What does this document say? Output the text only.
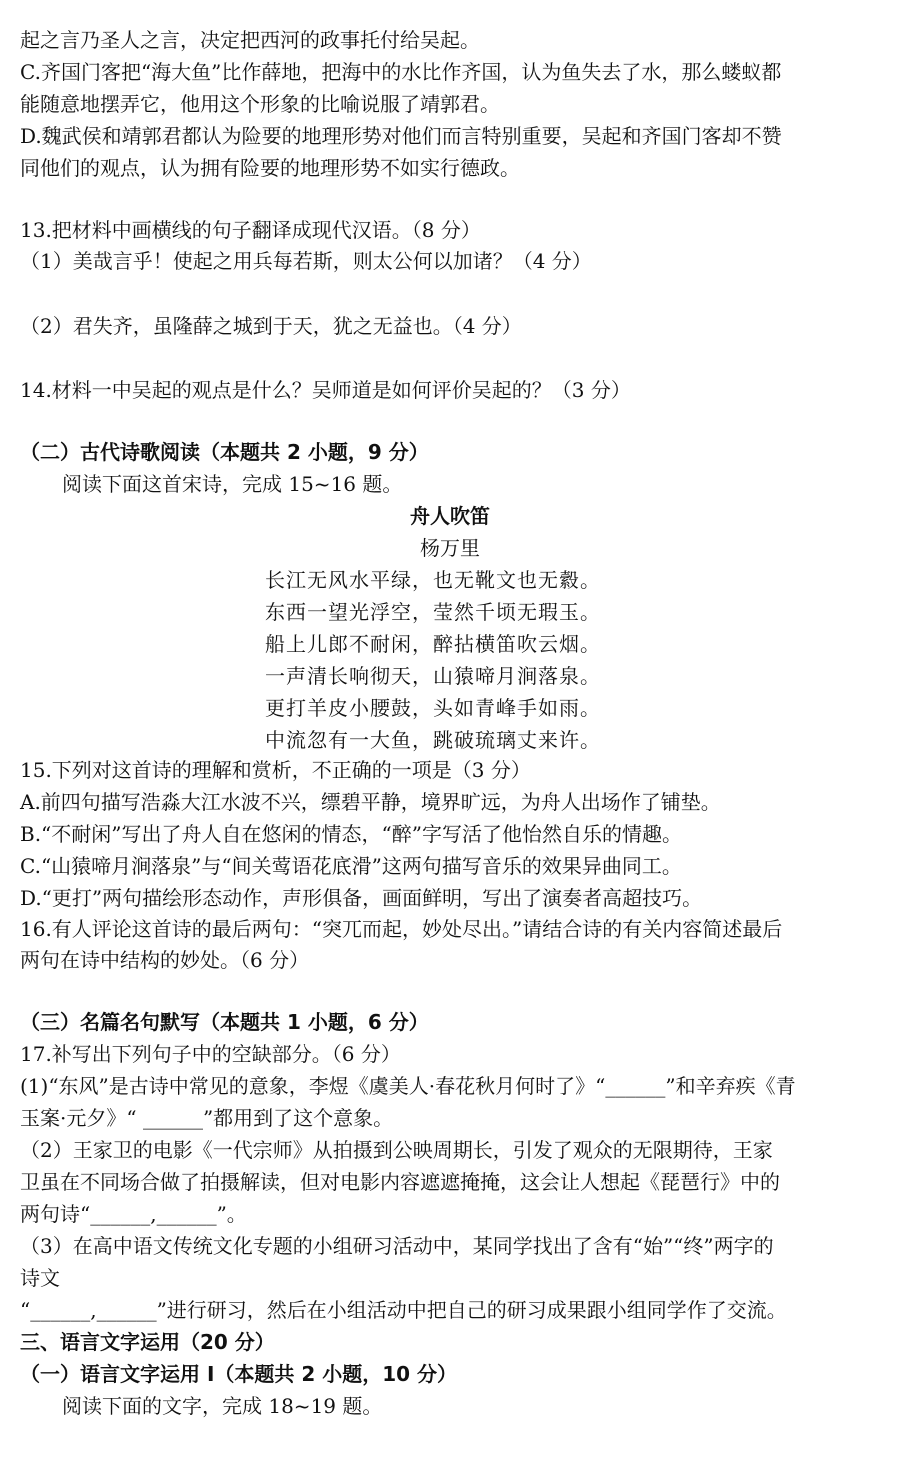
起之言乃圣人之言，决定把西河的政事托付给吴起。
C.齐国门客把“海大鱼”比作薛地，把海中的水比作齐国，认为鱼失去了水，那么蝼蚁都
能随意地摆弄它，他用这个形象的比喻说服了靖郭君。
D.魏武侯和靖郭君都认为险要的地理形势对他们而言特别重要，吴起和齐国门客却不赞
同他们的观点，认为拥有险要的地理形势不如实行德政。
13.把材料中画横线的句子翻译成现代汉语。（8 分）
（1）美哉言乎！使起之用兵每若斯，则太公何以加诸？（4 分）
（2）君失齐，虽隆薛之城到于天，犹之无益也。（4 分）
14.材料一中吴起的观点是什么？吴师道是如何评价吴起的？（3 分）
（二）古代诗歌阅读（本题共 2 小题，9 分）
阅读下面这首宋诗，完成 15~16 题。
舟人吹笛
杨万里
长江无风水平绿，也无靴文也无縠。
东西一望光浮空，莹然千顷无瑕玉。
船上儿郎不耐闲，醉拈横笛吹云烟。
一声清长响彻天，山猿啼月涧落泉。
更打羊皮小腰鼓，头如青峰手如雨。
中流忽有一大鱼，跳破琉璃丈来许。
15.下列对这首诗的理解和赏析，不正确的一项是（3 分）
A.前四句描写浩淼大江水波不兴，缥碧平静，境界旷远，为舟人出场作了铺垫。
B.“不耐闲”写出了舟人自在悠闲的情态，“醉”字写活了他怡然自乐的情趣。
C.“山猿啼月涧落泉”与“间关莺语花底滑”这两句描写音乐的效果异曲同工。
D.“更打”两句描绘形态动作，声形俱备，画面鲜明，写出了演奏者高超技巧。
16.有人评论这首诗的最后两句：“突兀而起，妙处尽出。”请结合诗的有关内容简述最后
两句在诗中结构的妙处。（6 分）
（三）名篇名句默写（本题共 1 小题，6 分）
17.补写出下列句子中的空缺部分。（6 分）
(1)“东风”是古诗中常见的意象，李煜《虞美人·春花秋月何时了》“______”和辛弃疾《青
玉案·元夕》“ ______”都用到了这个意象。
（2）王家卫的电影《一代宗师》从拍摄到公映周期长，引发了观众的无限期待，王家
卫虽在不同场合做了拍摄解读，但对电影内容遮遮掩掩，这会让人想起《琵琶行》中的
两句诗“______,______”。
（3）在高中语文传统文化专题的小组研习活动中，某同学找出了含有“始”“终”两字的
诗文
“______,______”进行研习，然后在小组活动中把自己的研习成果跟小组同学作了交流。
三、语言文字运用（20 分）
（一）语言文字运用 I（本题共 2 小题，10 分）
阅读下面的文字，完成 18~19 题。
